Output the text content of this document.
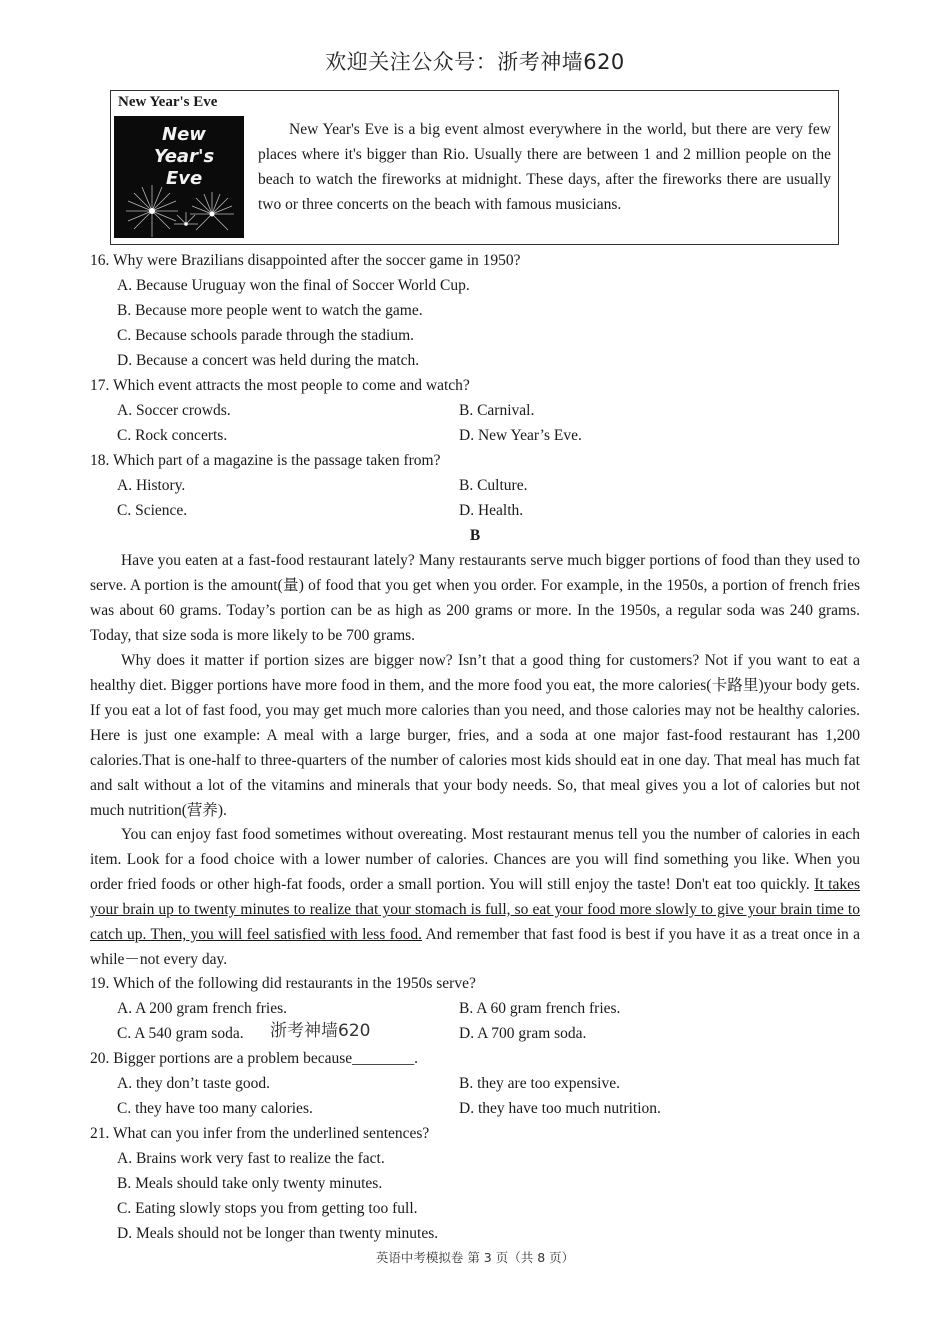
欢迎关注公众号：浙考神墙620
New Year's Eve
New
Year's
Eve
New Year's Eve is a big event almost everywhere in the world, but there are very few places where it's bigger than Rio. Usually there are between 1 and 2 million people on the beach to watch the fireworks at midnight. These days, after the fireworks there are usually two or three concerts on the beach with famous musicians.
16. Why were Brazilians disappointed after the soccer game in 1950?
A. Because Uruguay won the final of Soccer World Cup.
B. Because more people went to watch the game.
C. Because schools parade through the stadium.
D. Because a concert was held during the match.
17. Which event attracts the most people to come and watch?
A. Soccer crowds.	B. Carnival.
C. Rock concerts.	D. New Year’s Eve.
18. Which part of a magazine is the passage taken from?
A. History.	B. Culture.
C. Science.	D. Health.
B
Have you eaten at a fast-food restaurant lately? Many restaurants serve much bigger portions of food than they used to serve. A portion is the amount(量) of food that you get when you order. For example, in the 1950s, a portion of french fries was about 60 grams. Today’s portion can be as high as 200 grams or more. In the 1950s, a regular soda was 240 grams. Today, that size soda is more likely to be 700 grams.
Why does it matter if portion sizes are bigger now? Isn’t that a good thing for customers? Not if you want to eat a healthy diet. Bigger portions have more food in them, and the more food you eat, the more calories(卡路里)your body gets. If you eat a lot of fast food, you may get much more calories than you need, and those calories may not be healthy calories. Here is just one example: A meal with a large burger, fries, and a soda at one major fast-food restaurant has 1,200 calories.That is one-half to three-quarters of the number of calories most kids should eat in one day. That meal has much fat and salt without a lot of the vitamins and minerals that your body needs. So, that meal gives you a lot of calories but not much nutrition(营养).
You can enjoy fast food sometimes without overeating. Most restaurant menus tell you the number of calories in each item. Look for a food choice with a lower number of calories. Chances are you will find something you like. When you order fried foods or other high-fat foods, order a small portion. You will still enjoy the taste! Don't eat too quickly. It takes your brain up to twenty minutes to realize that your stomach is full, so eat your food more slowly to give your brain time to catch up. Then, you will feel satisfied with less food. And remember that fast food is best if you have it as a treat once in a while－not every day.
19. Which of the following did restaurants in the 1950s serve?
A. A 200 gram french fries.	B. A 60 gram french fries.
C. A 540 gram soda. 浙考神墙620	D. A 700 gram soda.
20. Bigger portions are a problem because________.
A. they don’t taste good.	B. they are too expensive.
C. they have too many calories.	D. they have too much nutrition.
21. What can you infer from the underlined sentences?
A. Brains work very fast to realize the fact.
B. Meals should take only twenty minutes.
C. Eating slowly stops you from getting too full.
D. Meals should not be longer than twenty minutes.
英语中考模拟卷 第 3 页（共 8 页）
